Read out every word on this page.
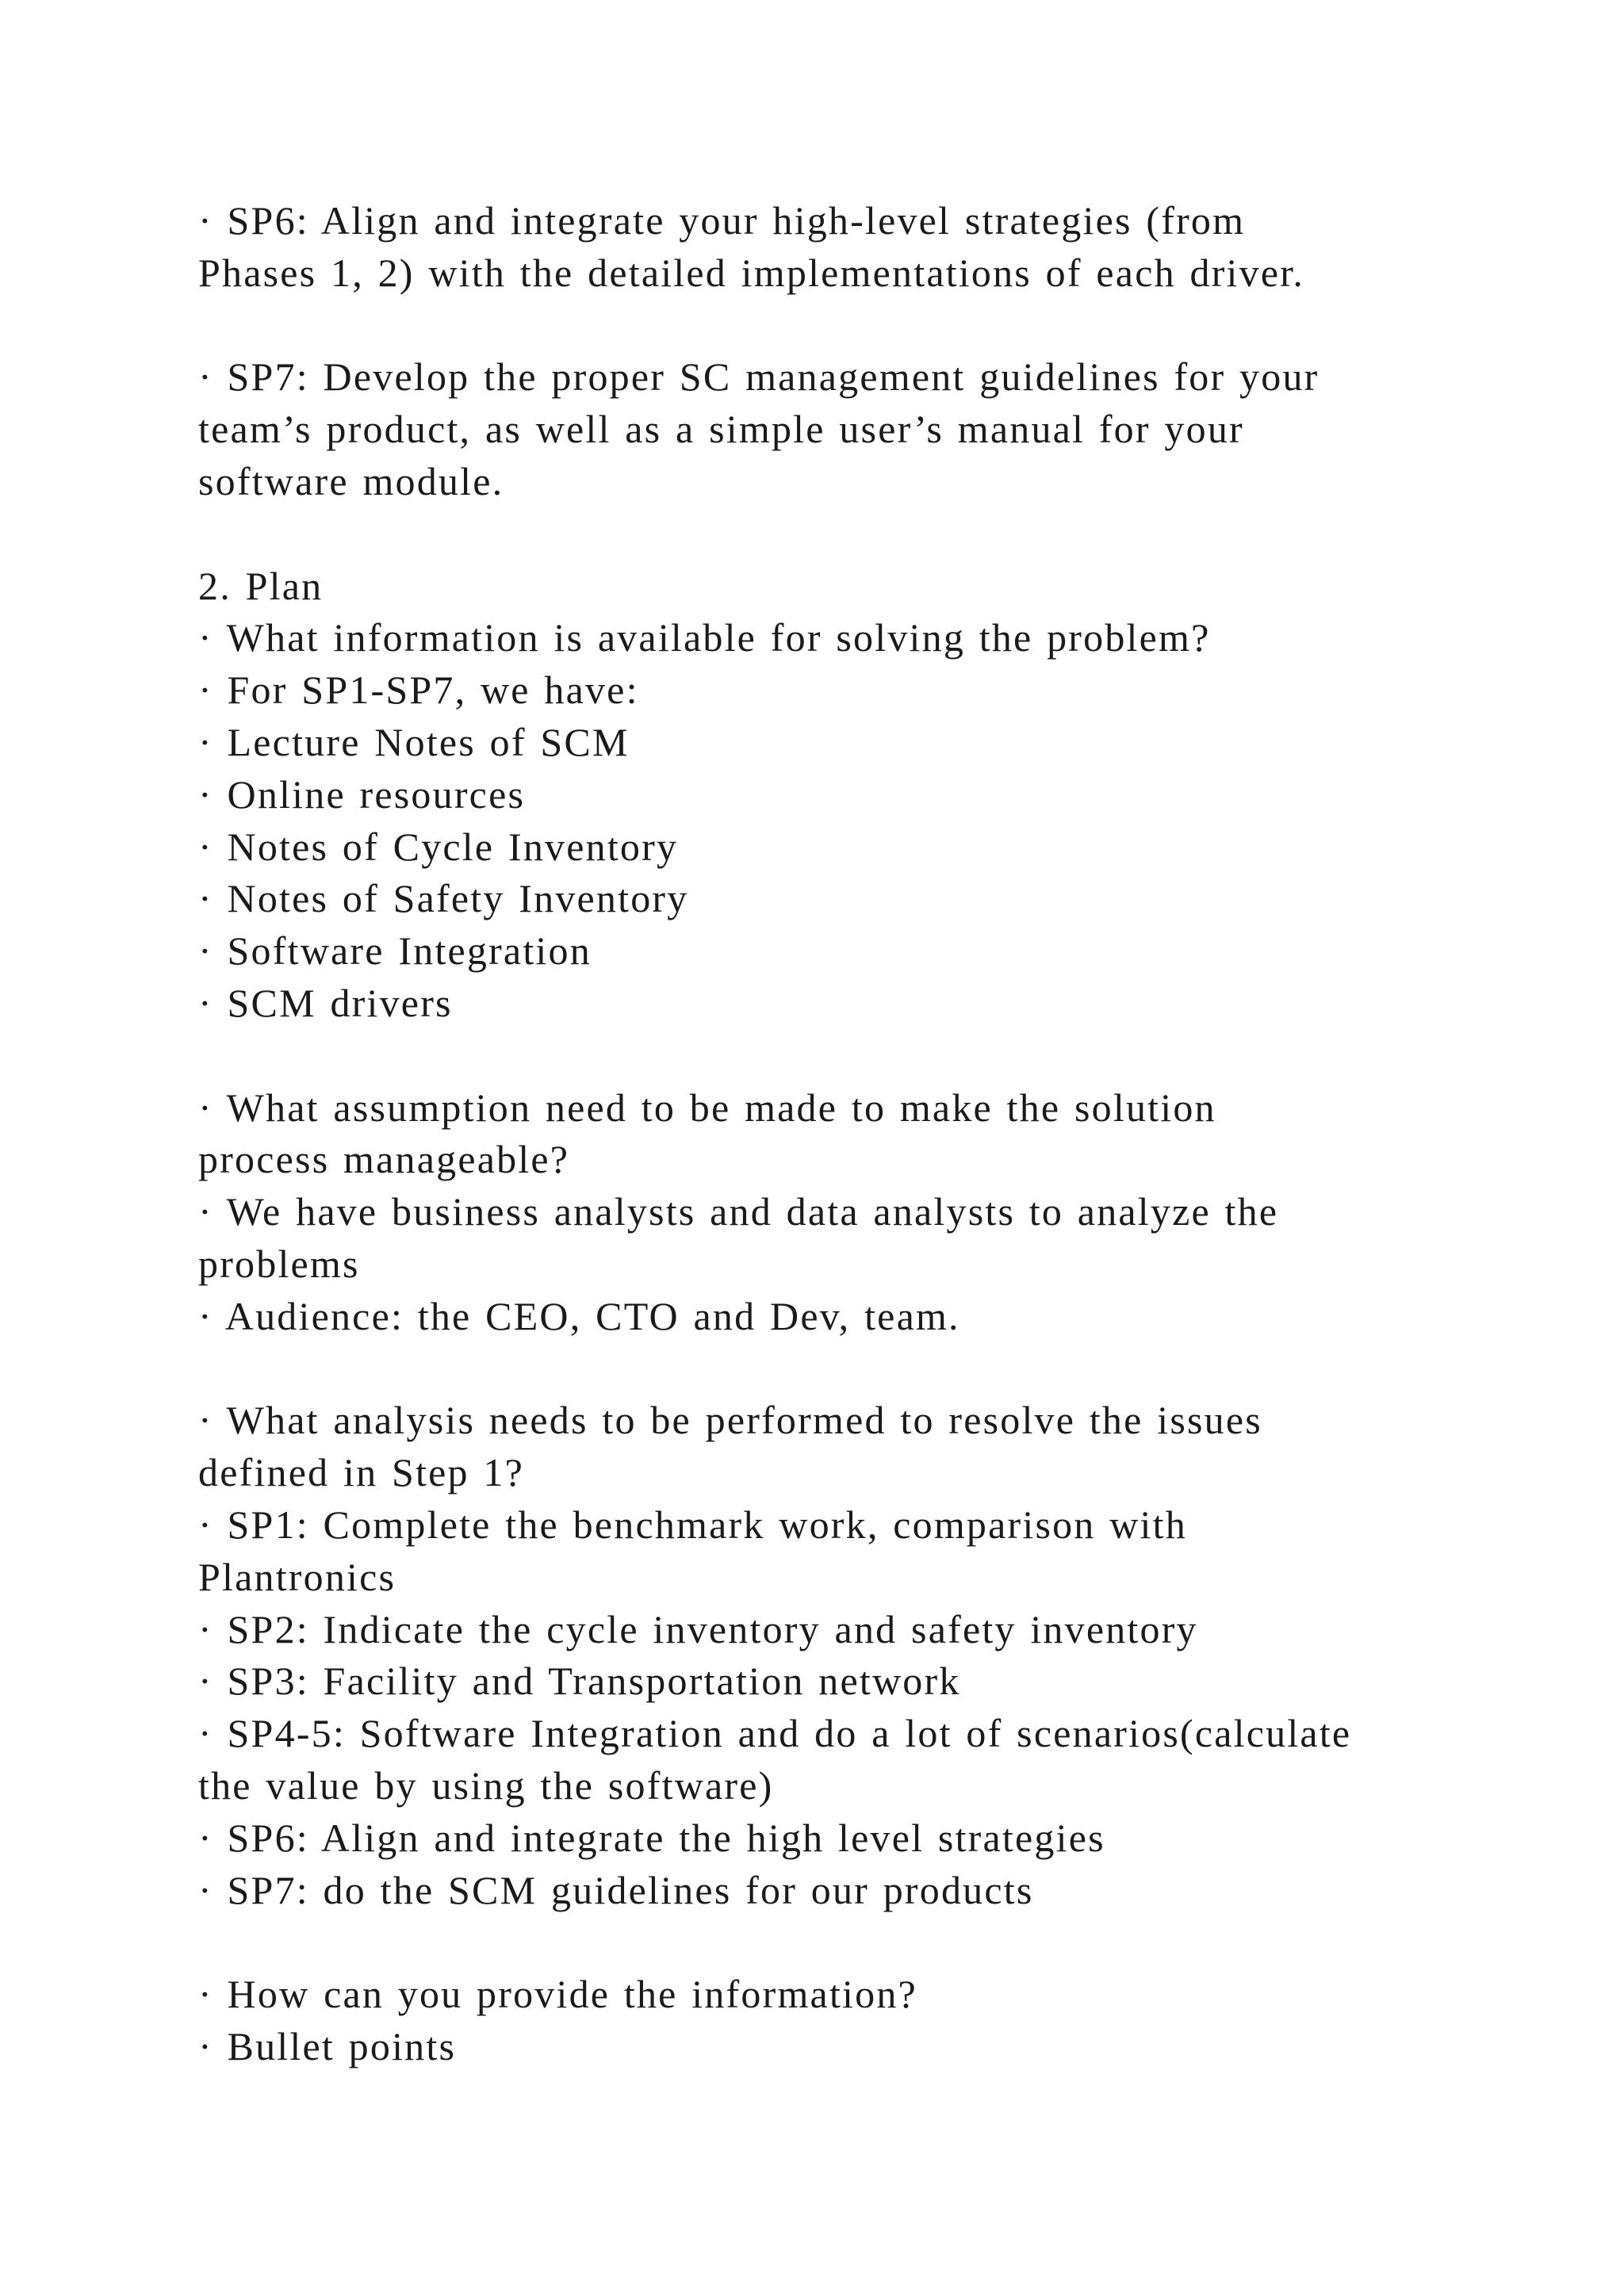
· SP6: Align and integrate your high-level strategies (from
Phases 1, 2) with the detailed implementations of each driver.
· SP7: Develop the proper SC management guidelines for your
team’s product, as well as a simple user’s manual for your
software module.
2. Plan
· What information is available for solving the problem?
· For SP1-SP7, we have:
· Lecture Notes of SCM
· Online resources
· Notes of Cycle Inventory
· Notes of Safety Inventory
· Software Integration
· SCM drivers
· What assumption need to be made to make the solution
process manageable?
· We have business analysts and data analysts to analyze the
problems
· Audience: the CEO, CTO and Dev, team.
· What analysis needs to be performed to resolve the issues
defined in Step 1?
· SP1: Complete the benchmark work, comparison with
Plantronics
· SP2: Indicate the cycle inventory and safety inventory
· SP3: Facility and Transportation network
· SP4-5: Software Integration and do a lot of scenarios(calculate
the value by using the software)
· SP6: Align and integrate the high level strategies
· SP7: do the SCM guidelines for our products
· How can you provide the information?
· Bullet points
